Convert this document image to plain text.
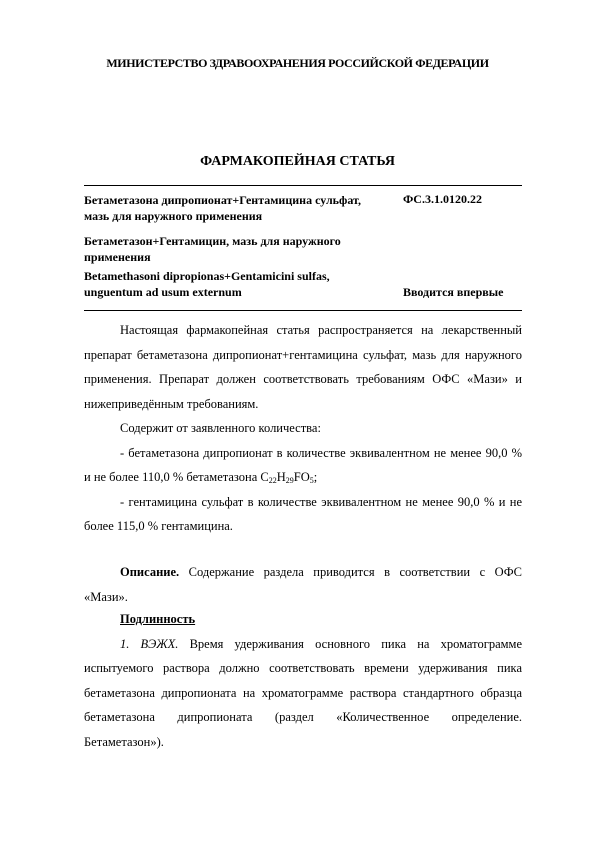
МИНИСТЕРСТВО ЗДРАВООХРАНЕНИЯ РОССИЙСКОЙ ФЕДЕРАЦИИ
ФАРМАКОПЕЙНАЯ СТАТЬЯ
Бетаметазона дипропионат+Гентамицина сульфат, мазь для наружного применения
ФС.3.1.0120.22
Бетаметазон+Гентамицин, мазь для наружного применения
Betamethasoni dipropionas+Gentamicini sulfas, unguentum ad usum externum	Вводится впервые

Настоящая фармакопейная статья распространяется на лекарственный препарат бетаметазона дипропионат+гентамицина сульфат, мазь для наружного применения. Препарат должен соответствовать требованиям ОФС «Мази» и нижеприведённым требованиям.

Содержит от заявленного количества:

- бетаметазона дипропионат в количестве эквивалентном не менее 90,0 % и не более 110,0 % бетаметазона $C_{22}H_{29}FO_5$;

- гентамицина сульфат в количестве эквивалентном не менее 90,0 % и не более 115,0 % гентамицина.

Описание. Содержание раздела приводится в соответствии с ОФС «Мази».

Подлинность

1. ВЭЖХ. Время удерживания основного пика на хроматограмме испытуемого раствора должно соответствовать времени удерживания пика бетаметазона дипропионата на хроматограмме раствора стандартного образца бетаметазона дипропионата (раздел «Количественное определение. Бетаметазон»).
